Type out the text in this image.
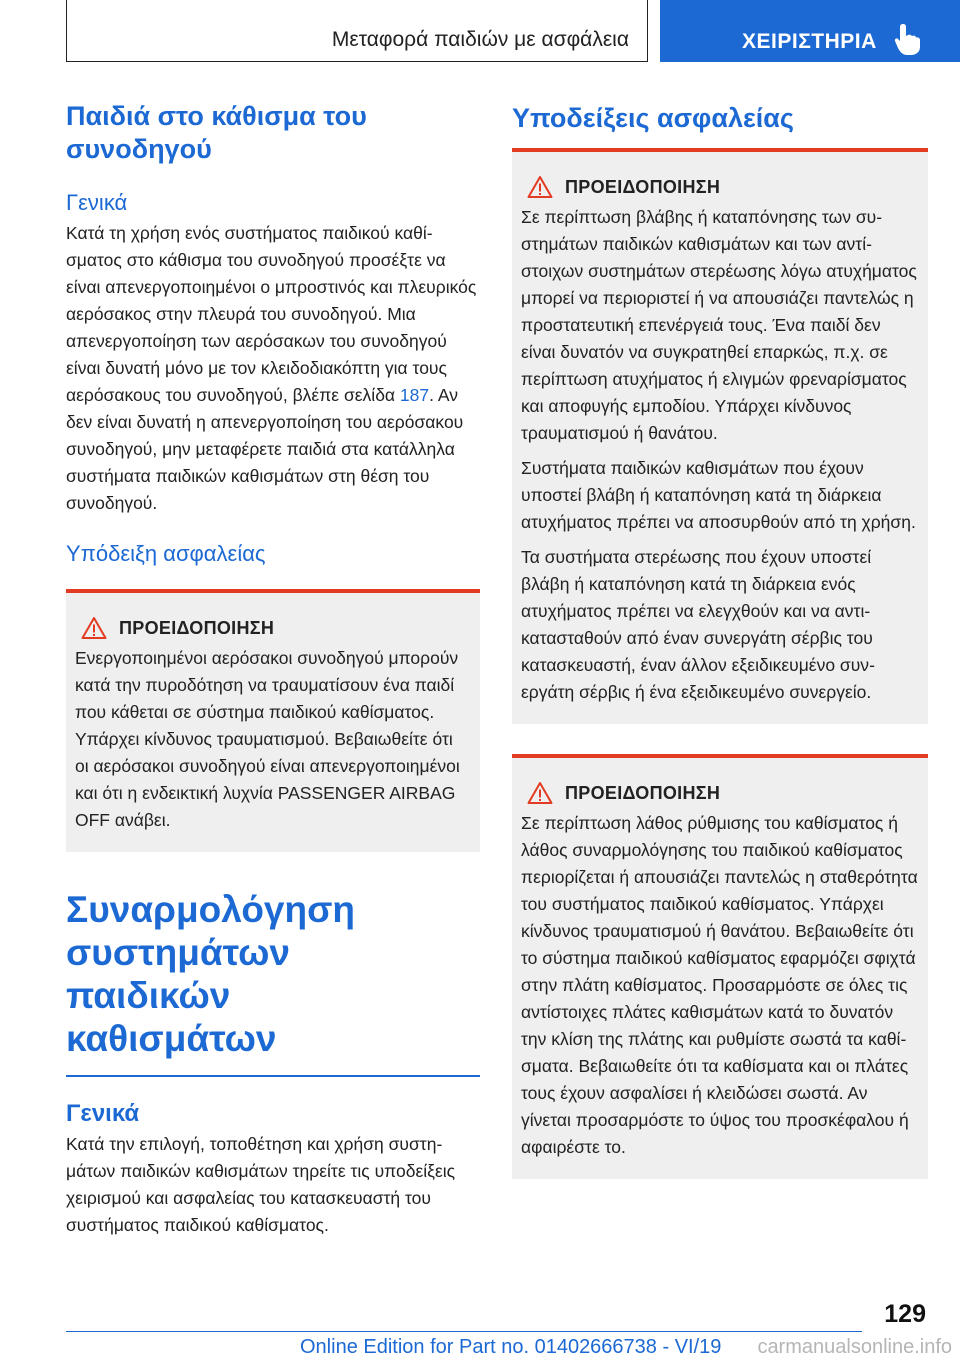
Μεταφορά παιδιών με ασφάλεια	ΧΕΙΡΙΣΤΗΡΙΑ
Παιδιά στο κάθισμα του συνοδηγού
Γενικά

Κατά τη χρήση ενός συστήματος παιδικού καθίσματος στο κάθισμα του συνοδηγού προσέξτε να είναι απενεργοποιημένοι ο μπροστινός και πλευρικός αερόσακος στην πλευρά του συνοδηγού. Μια απενεργοποίηση των αερόσακων του συνοδηγού είναι δυνατή μόνο με τον κλειδοδιακόπτη για τους αερόσακους του συνοδηγού, βλέπε σελίδα 187. Αν δεν είναι δυνατή η απενεργοποίηση του αερόσακου συνοδηγού, μην μεταφέρετε παιδιά στα κατάλληλα συστήματα παιδικών καθισμάτων στη θέση του συνοδηγού.

Υπόδειξη ασφαλείας
ΠΡΟΕΙΔΟΠΟΙΗΣΗ

Ενεργοποιημένοι αερόσακοι συνοδηγού μπορούν κατά την πυροδότηση να τραυματίσουν ένα παιδί που κάθεται σε σύστημα παιδικού καθίσματος. Υπάρχει κίνδυνος τραυματισμού. Βεβαιωθείτε ότι οι αερόσακοι συνοδηγού είναι απενεργοποιημένοι και ότι η ενδεικτική λυχνία PASSENGER AIRBAG OFF ανάβει.

Συναρμολόγηση συστημάτων παιδικών καθισμάτων
Γενικά

Κατά την επιλογή, τοποθέτηση και χρήση συστημάτων παιδικών καθισμάτων τηρείτε τις υποδείξεις χειρισμού και ασφαλείας του κατασκευαστή του συστήματος παιδικού καθίσματος.

Υποδείξεις ασφαλείας
ΠΡΟΕΙΔΟΠΟΙΗΣΗ

Σε περίπτωση βλάβης ή καταπόνησης των συστημάτων παιδικών καθισμάτων και των αντίστοιχων συστημάτων στερέωσης λόγω ατυχήματος μπορεί να περιοριστεί ή να απουσιάζει παντελώς η προστατευτική επενέργειά τους. Ένα παιδί δεν είναι δυνατόν να συγκρατηθεί επαρκώς, π.χ. σε περίπτωση ατυχήματος ή ελιγμών φρεναρίσματος και αποφυγής εμποδίου. Υπάρχει κίνδυνος τραυματισμού ή θανάτου.

Συστήματα παιδικών καθισμάτων που έχουν υποστεί βλάβη ή καταπόνηση κατά τη διάρκεια ατυχήματος πρέπει να αποσυρθούν από τη χρήση.

Τα συστήματα στερέωσης που έχουν υποστεί βλάβη ή καταπόνηση κατά τη διάρκεια ενός ατυχήματος πρέπει να ελεγχθούν και να αντικατασταθούν από έναν συνεργάτη σέρβις του κατασκευαστή, έναν άλλον εξειδικευμένο συνεργάτη σέρβις ή ένα εξειδικευμένο συνεργείο.

ΠΡΟΕΙΔΟΠΟΙΗΣΗ

Σε περίπτωση λάθος ρύθμισης του καθίσματος ή λάθος συναρμολόγησης του παιδικού καθίσματος περιορίζεται ή απουσιάζει παντελώς η σταθερότητα του συστήματος παιδικού καθίσματος. Υπάρχει κίνδυνος τραυματισμού ή θανάτου. Βεβαιωθείτε ότι το σύστημα παιδικού καθίσματος εφαρμόζει σφιχτά στην πλάτη καθίσματος. Προσαρμόστε σε όλες τις αντίστοιχες πλάτες καθισμάτων κατά το δυνατόν την κλίση της πλάτης και ρυθμίστε σωστά τα καθίσματα. Βεβαιωθείτε ότι τα καθίσματα και οι πλάτες τους έχουν ασφαλίσει ή κλειδώσει σωστά. Αν γίνεται προσαρμόστε το ύψος του προσκέφαλου ή αφαιρέστε το.

129
Online Edition for Part no. 01402666738 - VI/19 carmanualsonline.info
